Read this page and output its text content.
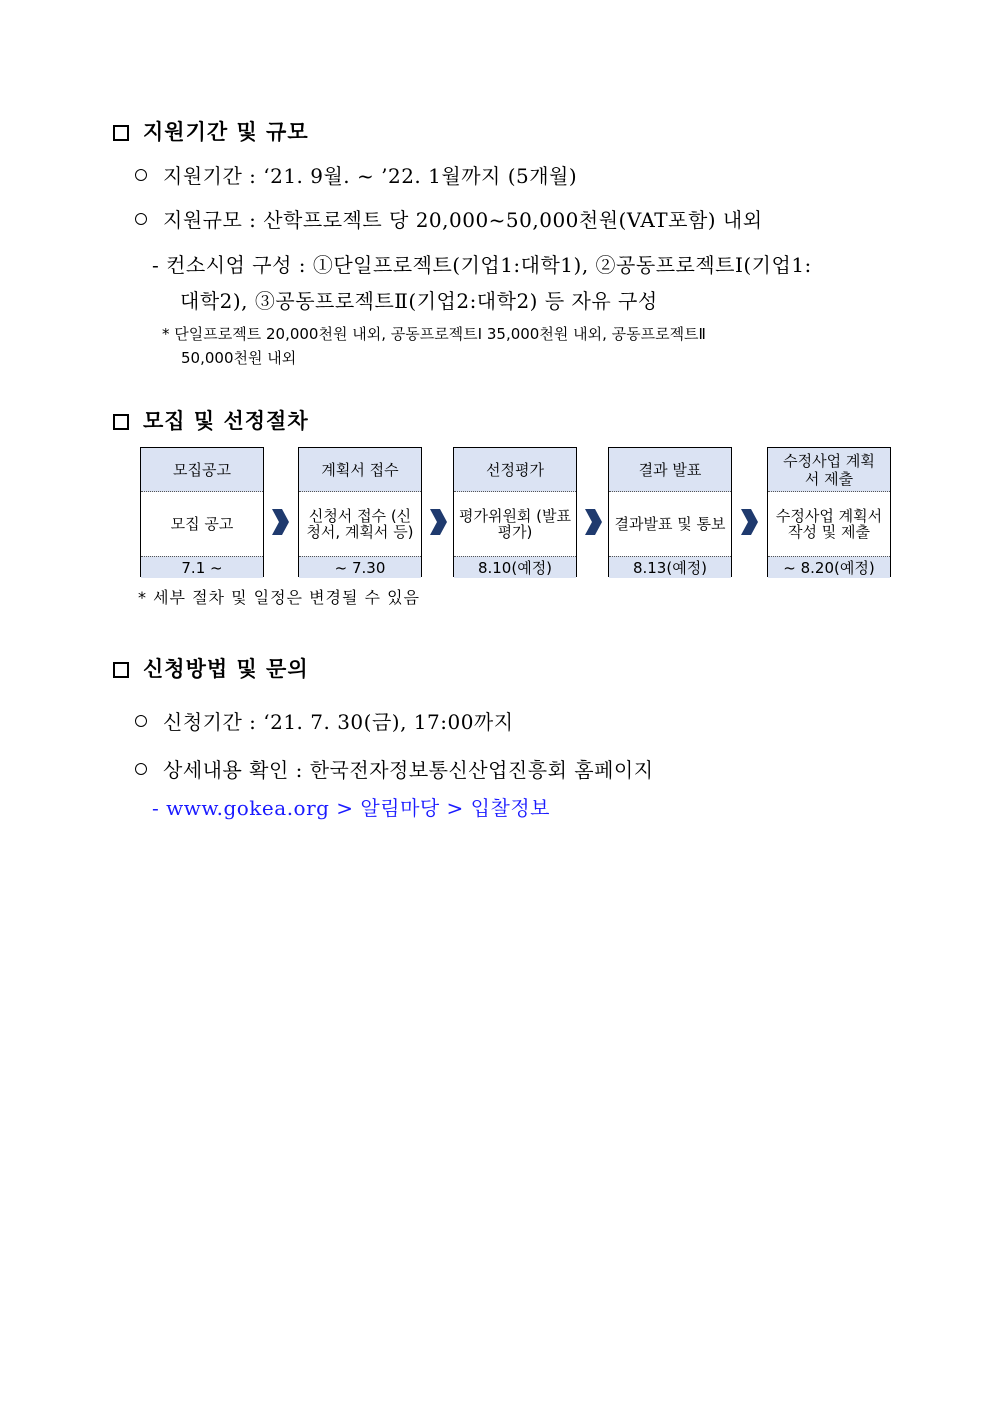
지원기간 및 규모
지원기간 : ‘21. 9월. ~ ’22. 1월까지 (5개월)
지원규모 : 산학프로젝트 당 20,000~50,000천원(VAT포함) 내외
- 컨소시엄 구성 : ①단일프로젝트(기업1:대학1), ②공동프로젝트Ⅰ(기업1:
대학2), ③공동프로젝트Ⅱ(기업2:대학2) 등 자유 구성
* 단일프로젝트 20,000천원 내외, 공동프로젝트Ⅰ 35,000천원 내외, 공동프로젝트Ⅱ
50,000천원 내외
모집 및 선정절차
모집공고
모집 공고
7.1 ~
계획서 접수
신청서 접수 (신청서, 계획서 등)
~ 7.30
선정평가
평가위원회 (발표평가)
8.10(예정)
결과 발표
결과발표 및 통보
8.13(예정)
수정사업 계획서 제출
수정사업 계획서 작성 및 제출
~ 8.20(예정)
* 세부 절차 및 일정은 변경될 수 있음
신청방법 및 문의
신청기간 : ‘21. 7. 30(금), 17:00까지
상세내용 확인 : 한국전자정보통신산업진흥회 홈페이지
- www.gokea.org > 알림마당 > 입찰정보
